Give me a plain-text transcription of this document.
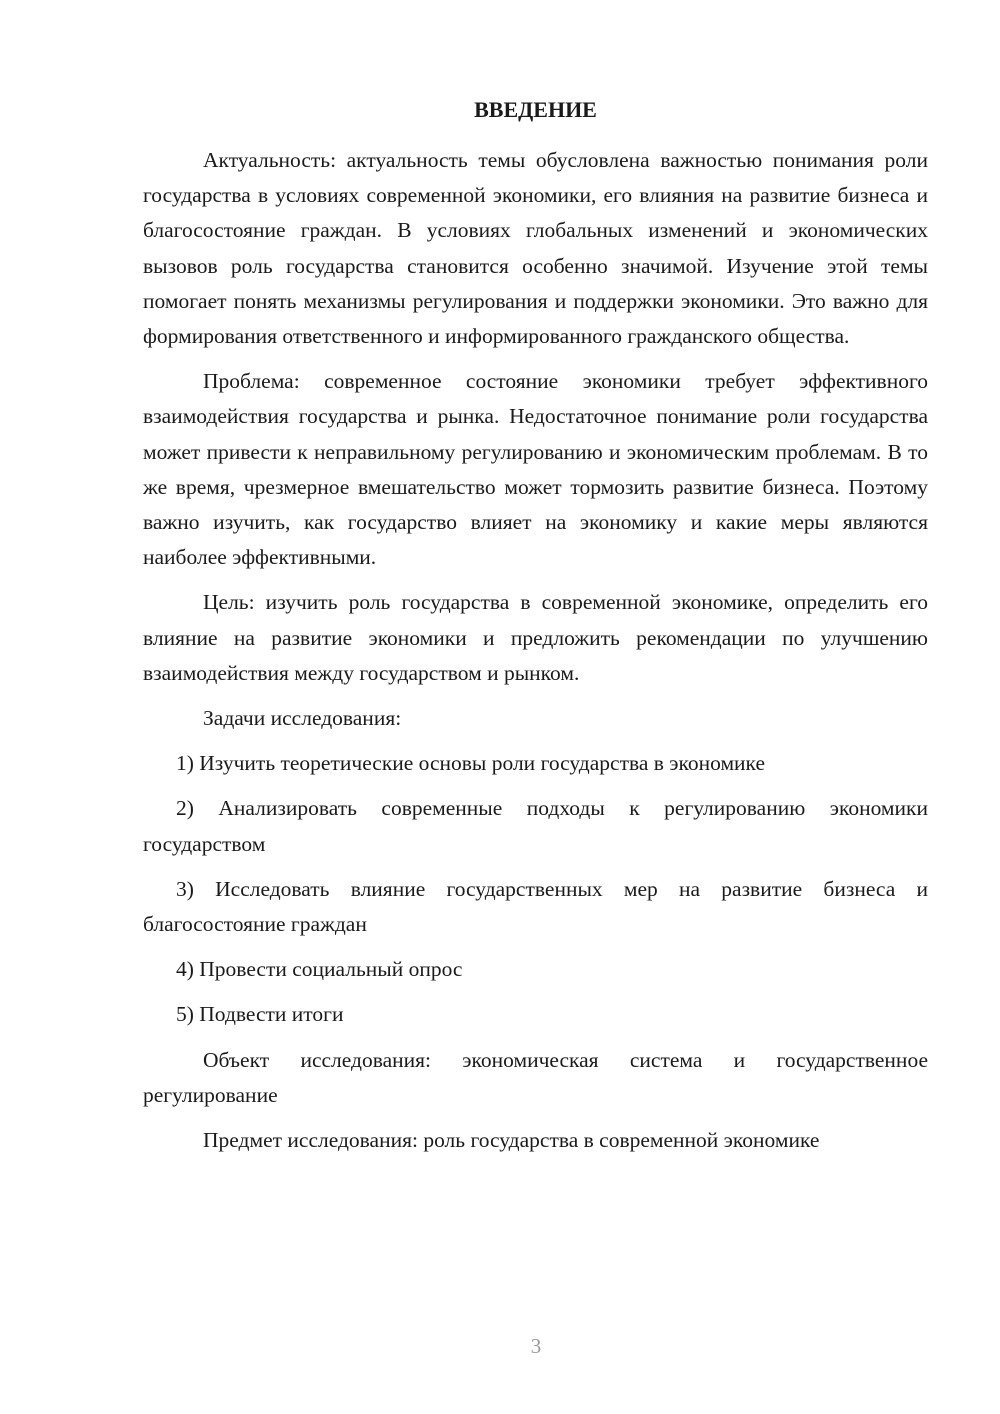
ВВЕДЕНИЕ

Актуальность: актуальность темы обусловлена важностью понимания роли государства в условиях современной экономики, его влияния на развитие бизнеса и благосостояние граждан. В условиях глобальных изменений и экономических вызовов роль государства становится особенно значимой. Изучение этой темы помогает понять механизмы регулирования и поддержки экономики. Это важно для формирования ответственного и информированного гражданского общества.

Проблема: современное состояние экономики требует эффективного взаимодействия государства и рынка. Недостаточное понимание роли государства может привести к неправильному регулированию и экономическим проблемам. В то же время, чрезмерное вмешательство может тормозить развитие бизнеса. Поэтому важно изучить, как государство влияет на экономику и какие меры являются наиболее эффективными.

Цель: изучить роль государства в современной экономике, определить его влияние на развитие экономики и предложить рекомендации по улучшению взаимодействия между государством и рынком.

Задачи исследования:

1) Изучить теоретические основы роли государства в экономике

2) Анализировать современные подходы к регулированию экономики государством

3) Исследовать влияние государственных мер на развитие бизнеса и благосостояние граждан

4) Провести социальный опрос

5) Подвести итоги

Объект исследования: экономическая система и государственное регулирование

Предмет исследования: роль государства в современной экономике

3
